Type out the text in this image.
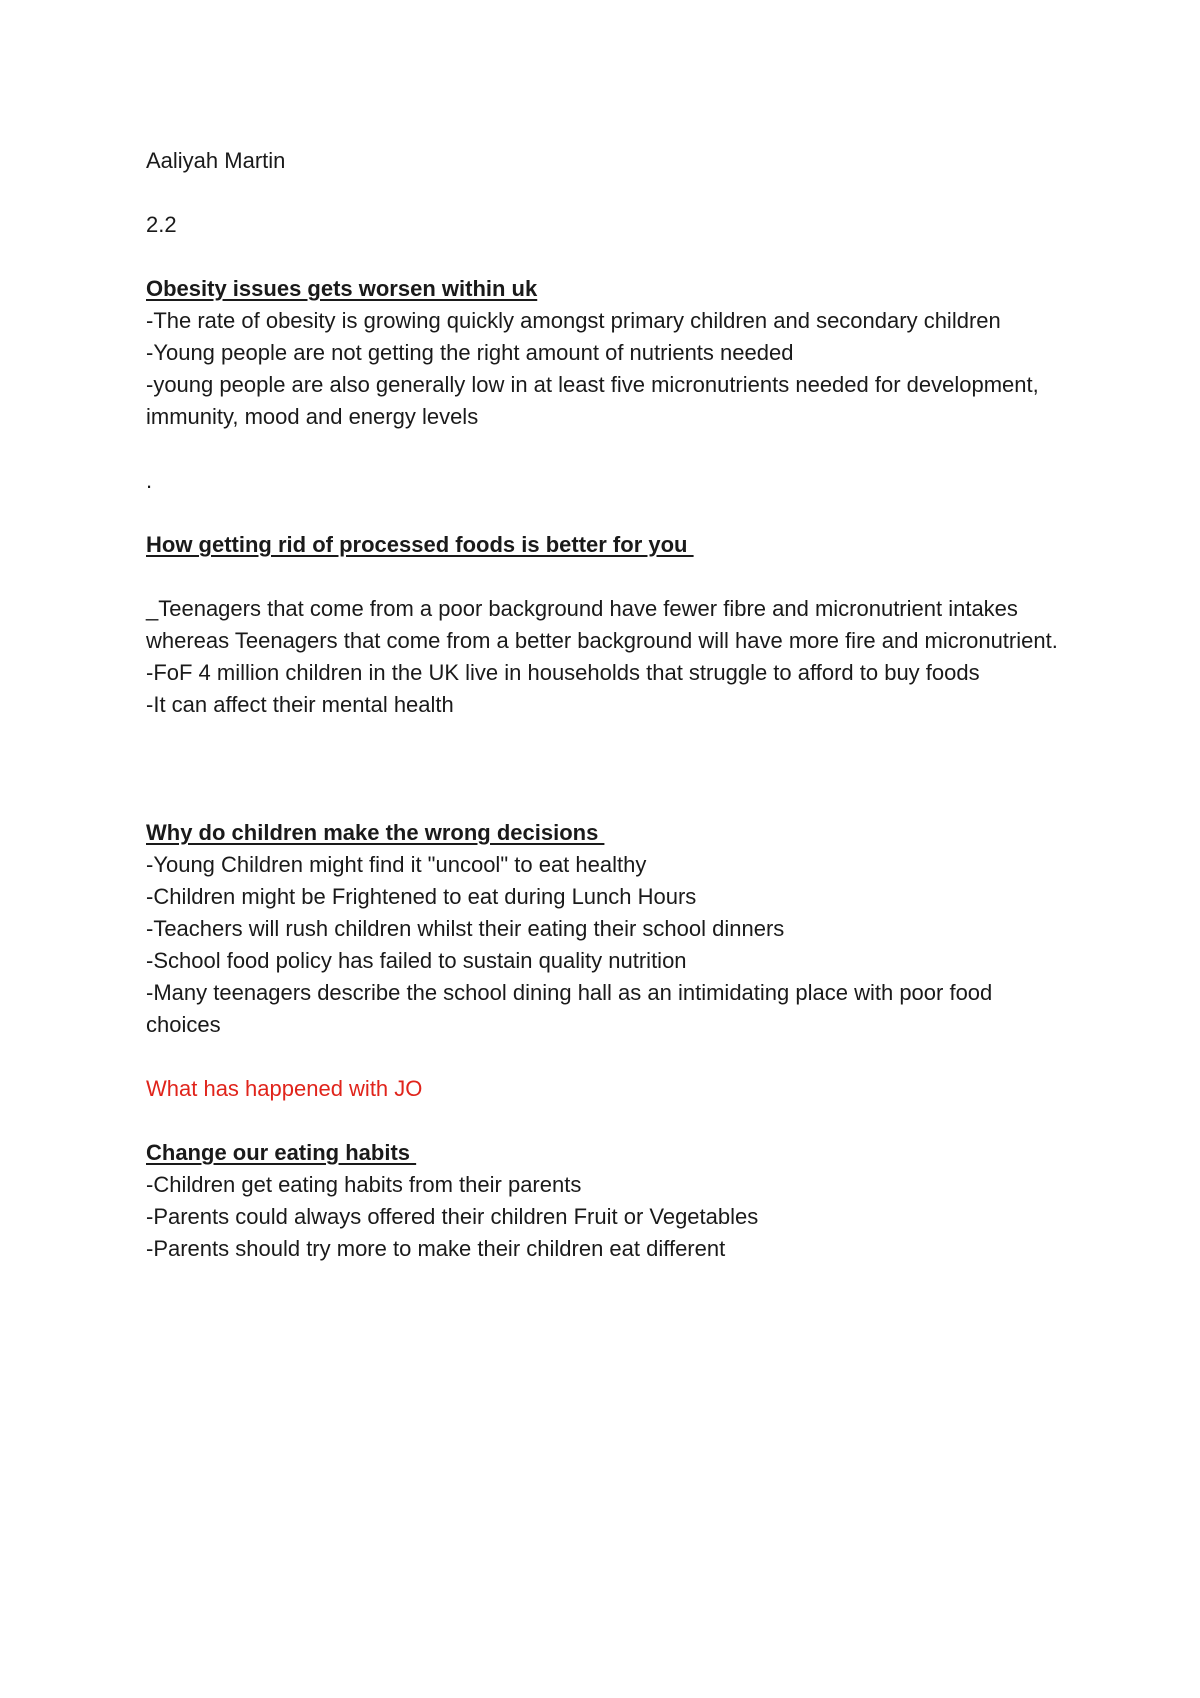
Aaliyah Martin

2.2

Obesity issues gets worsen within uk

-The rate of obesity is growing quickly amongst primary children and secondary children

-Young people are not getting the right amount of nutrients needed

-young people are also generally low in at least five micronutrients needed for development, immunity, mood and energy levels

.

How getting rid of processed foods is better for you

_Teenagers that come from a poor background have fewer fibre and micronutrient intakes whereas Teenagers that come from a better background will have more fire and micronutrient.

-FoF 4 million children in the UK live in households that struggle to afford to buy foods

-It can affect their mental health

Why do children make the wrong decisions

-Young Children might find it "uncool" to eat healthy

-Children might be Frightened to eat during Lunch Hours

-Teachers will rush children whilst their eating their school dinners

-School food policy has failed to sustain quality nutrition

-Many teenagers describe the school dining hall as an intimidating place with poor food choices

What has happened with JO

Change our eating habits

-Children get eating habits from their parents

-Parents could always offered their children Fruit or Vegetables

-Parents should try more to make their children eat different
